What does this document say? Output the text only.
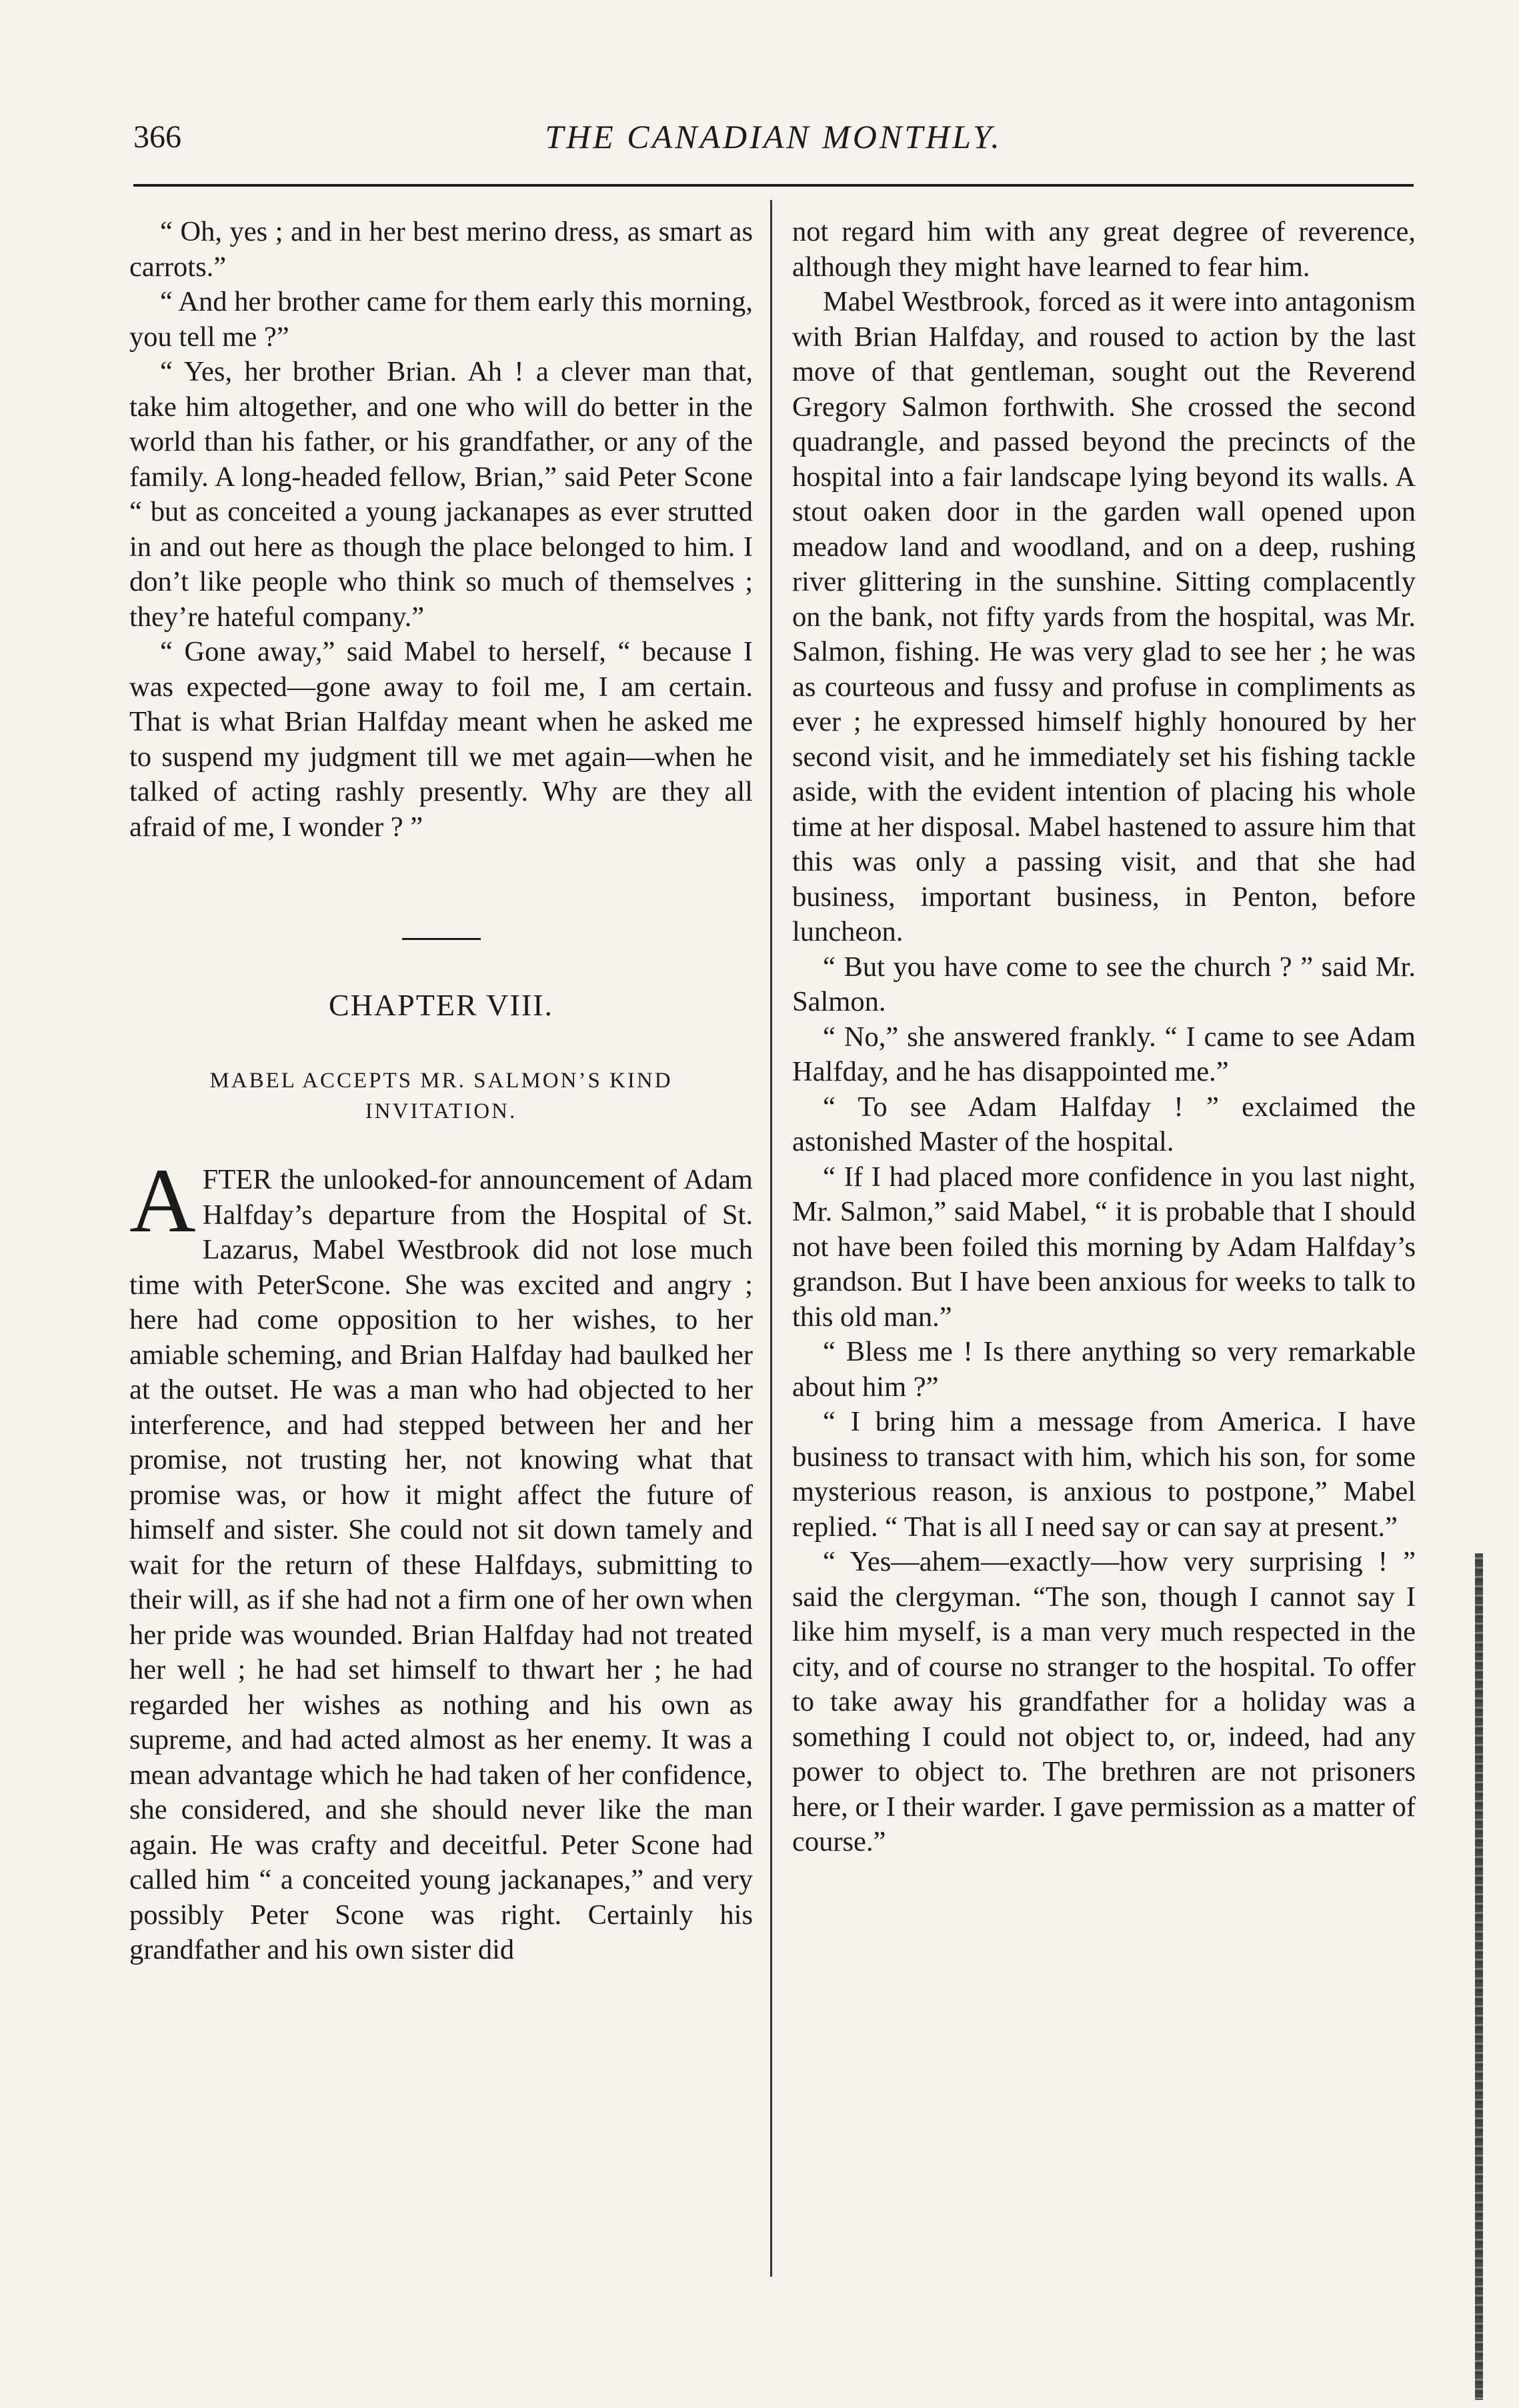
366	THE CANADIAN MONTHLY.

“ Oh, yes ; and in her best merino dress, as smart as carrots.”

“ And her brother came for them early this morning, you tell me ?”

“ Yes, her brother Brian. Ah ! a clever man that, take him altogether, and one who will do better in the world than his father, or his grandfather, or any of the family. A long-headed fellow, Brian,” said Peter Scone “ but as conceited a young jackanapes as ever strutted in and out here as though the place belonged to him. I don’t like people who think so much of themselves ; they’re hateful company.”

“ Gone away,” said Mabel to herself, “ because I was expected—gone away to foil me, I am certain. That is what Brian Halfday meant when he asked me to suspend my judgment till we met again—when he talked of acting rashly presently. Why are they all afraid of me, I wonder ? ”

CHAPTER VIII.
MABEL ACCEPTS MR. SALMON’S KIND INVITATION.

AFTER the unlooked-for announcement of Adam Halfday’s departure from the Hospital of St. Lazarus, Mabel Westbrook did not lose much time with PeterScone. She was excited and angry ; here had come opposition to her wishes, to her amiable scheming, and Brian Halfday had baulked her at the outset. He was a man who had objected to her interference, and had stepped between her and her promise, not trusting her, not knowing what that promise was, or how it might affect the future of himself and sister. She could not sit down tamely and wait for the return of these Halfdays, submitting to their will, as if she had not a firm one of her own when her pride was wounded. Brian Halfday had not treated her well ; he had set himself to thwart her ; he had regarded her wishes as nothing and his own as supreme, and had acted almost as her enemy. It was a mean advantage which he had taken of her confidence, she considered, and she should never like the man again. He was crafty and deceitful. Peter Scone had called him “ a conceited young jackanapes,” and very possibly Peter Scone was right. Certainly his grandfather and his own sister did

not regard him with any great degree of reverence, although they might have learned to fear him.

Mabel Westbrook, forced as it were into antagonism with Brian Halfday, and roused to action by the last move of that gentleman, sought out the Reverend Gregory Salmon forthwith. She crossed the second quadrangle, and passed beyond the precincts of the hospital into a fair landscape lying beyond its walls. A stout oaken door in the garden wall opened upon meadow land and woodland, and on a deep, rushing river glittering in the sunshine. Sitting complacently on the bank, not fifty yards from the hospital, was Mr. Salmon, fishing. He was very glad to see her ; he was as courteous and fussy and profuse in compliments as ever ; he expressed himself highly honoured by her second visit, and he immediately set his fishing tackle aside, with the evident intention of placing his whole time at her disposal. Mabel hastened to assure him that this was only a passing visit, and that she had business, important business, in Penton, before luncheon.

“ But you have come to see the church ? ” said Mr. Salmon.

“ No,” she answered frankly. “ I came to see Adam Halfday, and he has disappointed me.”

“ To see Adam Halfday ! ” exclaimed the astonished Master of the hospital.

“ If I had placed more confidence in you last night, Mr. Salmon,” said Mabel, “ it is probable that I should not have been foiled this morning by Adam Halfday’s grandson. But I have been anxious for weeks to talk to this old man.”

“ Bless me ! Is there anything so very remarkable about him ?”

“ I bring him a message from America. I have business to transact with him, which his son, for some mysterious reason, is anxious to postpone,” Mabel replied. “ That is all I need say or can say at present.”

“ Yes—ahem—exactly—how very surprising ! ” said the clergyman. “The son, though I cannot say I like him myself, is a man very much respected in the city, and of course no stranger to the hospital. To offer to take away his grandfather for a holiday was a something I could not object to, or, indeed, had any power to object to. The brethren are not prisoners here, or I their warder. I gave permission as a matter of course.”
